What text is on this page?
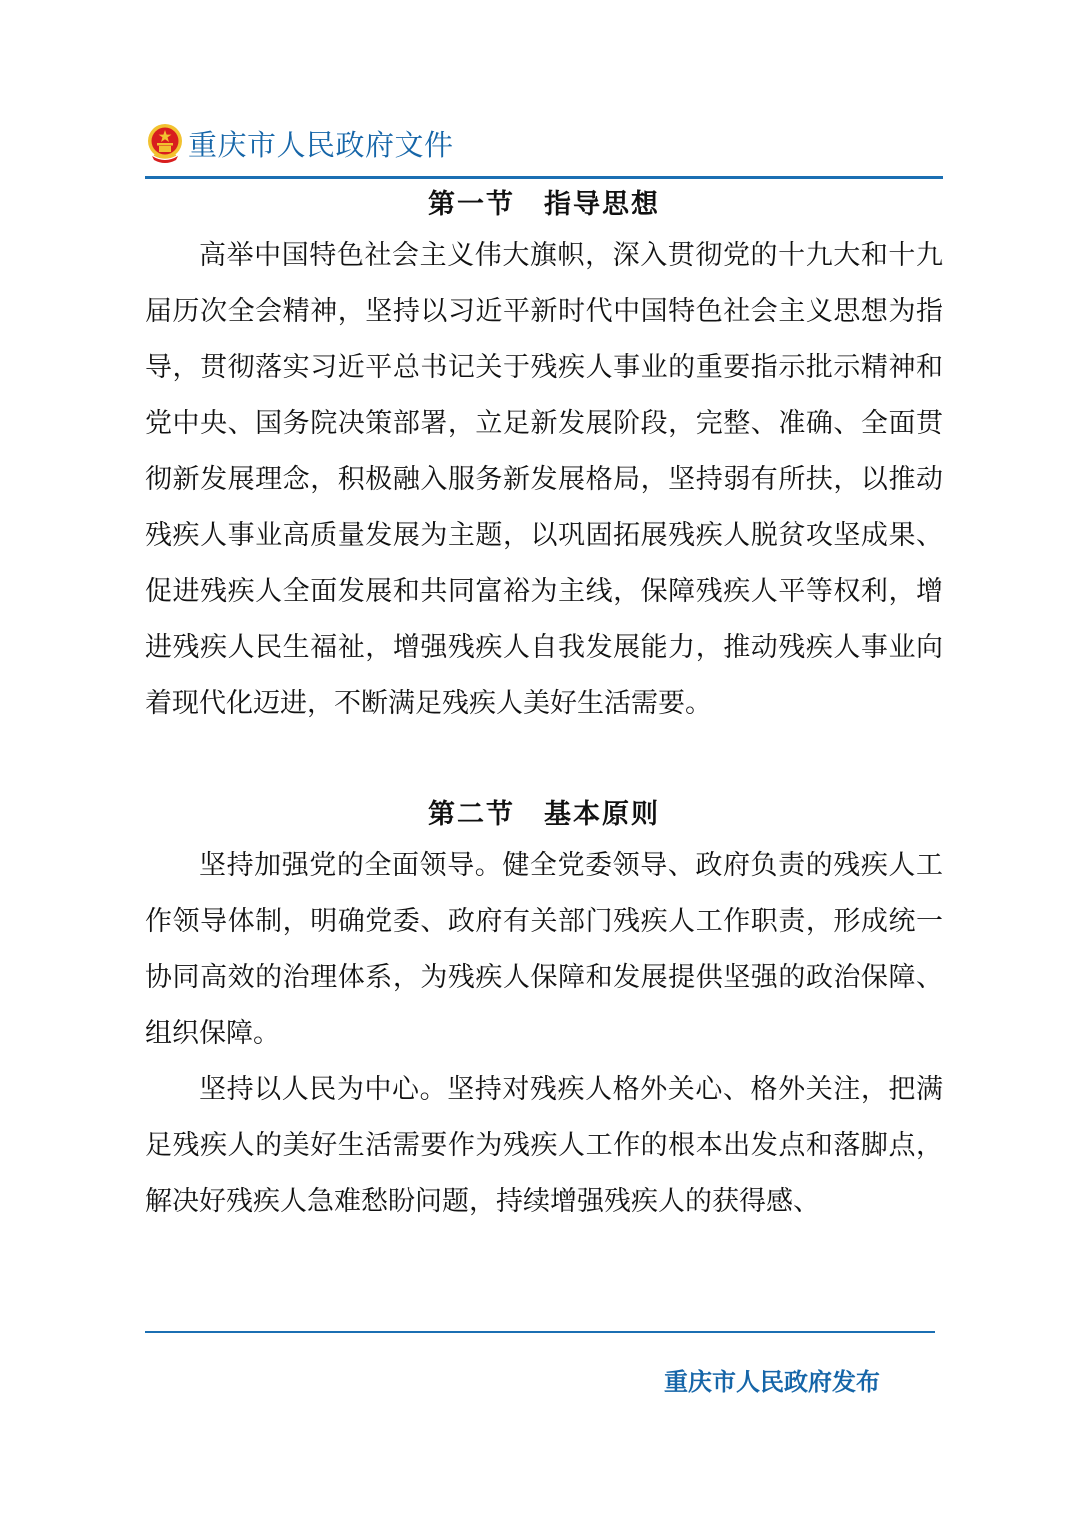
重庆市人民政府文件
第一节　指导思想

高举中国特色社会主义伟大旗帜，深入贯彻党的十九大和十九届历次全会精神，坚持以习近平新时代中国特色社会主义思想为指导，贯彻落实习近平总书记关于残疾人事业的重要指示批示精神和党中央、国务院决策部署，立足新发展阶段，完整、准确、全面贯彻新发展理念，积极融入服务新发展格局，坚持弱有所扶，以推动残疾人事业高质量发展为主题，以巩固拓展残疾人脱贫攻坚成果、促进残疾人全面发展和共同富裕为主线，保障残疾人平等权利，增进残疾人民生福祉，增强残疾人自我发展能力，推动残疾人事业向着现代化迈进，不断满足残疾人美好生活需要。

第二节　基本原则

坚持加强党的全面领导。健全党委领导、政府负责的残疾人工作领导体制，明确党委、政府有关部门残疾人工作职责，形成统一协同高效的治理体系，为残疾人保障和发展提供坚强的政治保障、组织保障。

坚持以人民为中心。坚持对残疾人格外关心、格外关注，把满足残疾人的美好生活需要作为残疾人工作的根本出发点和落脚点，解决好残疾人急难愁盼问题，持续增强残疾人的获得感、

重庆市人民政府发布
